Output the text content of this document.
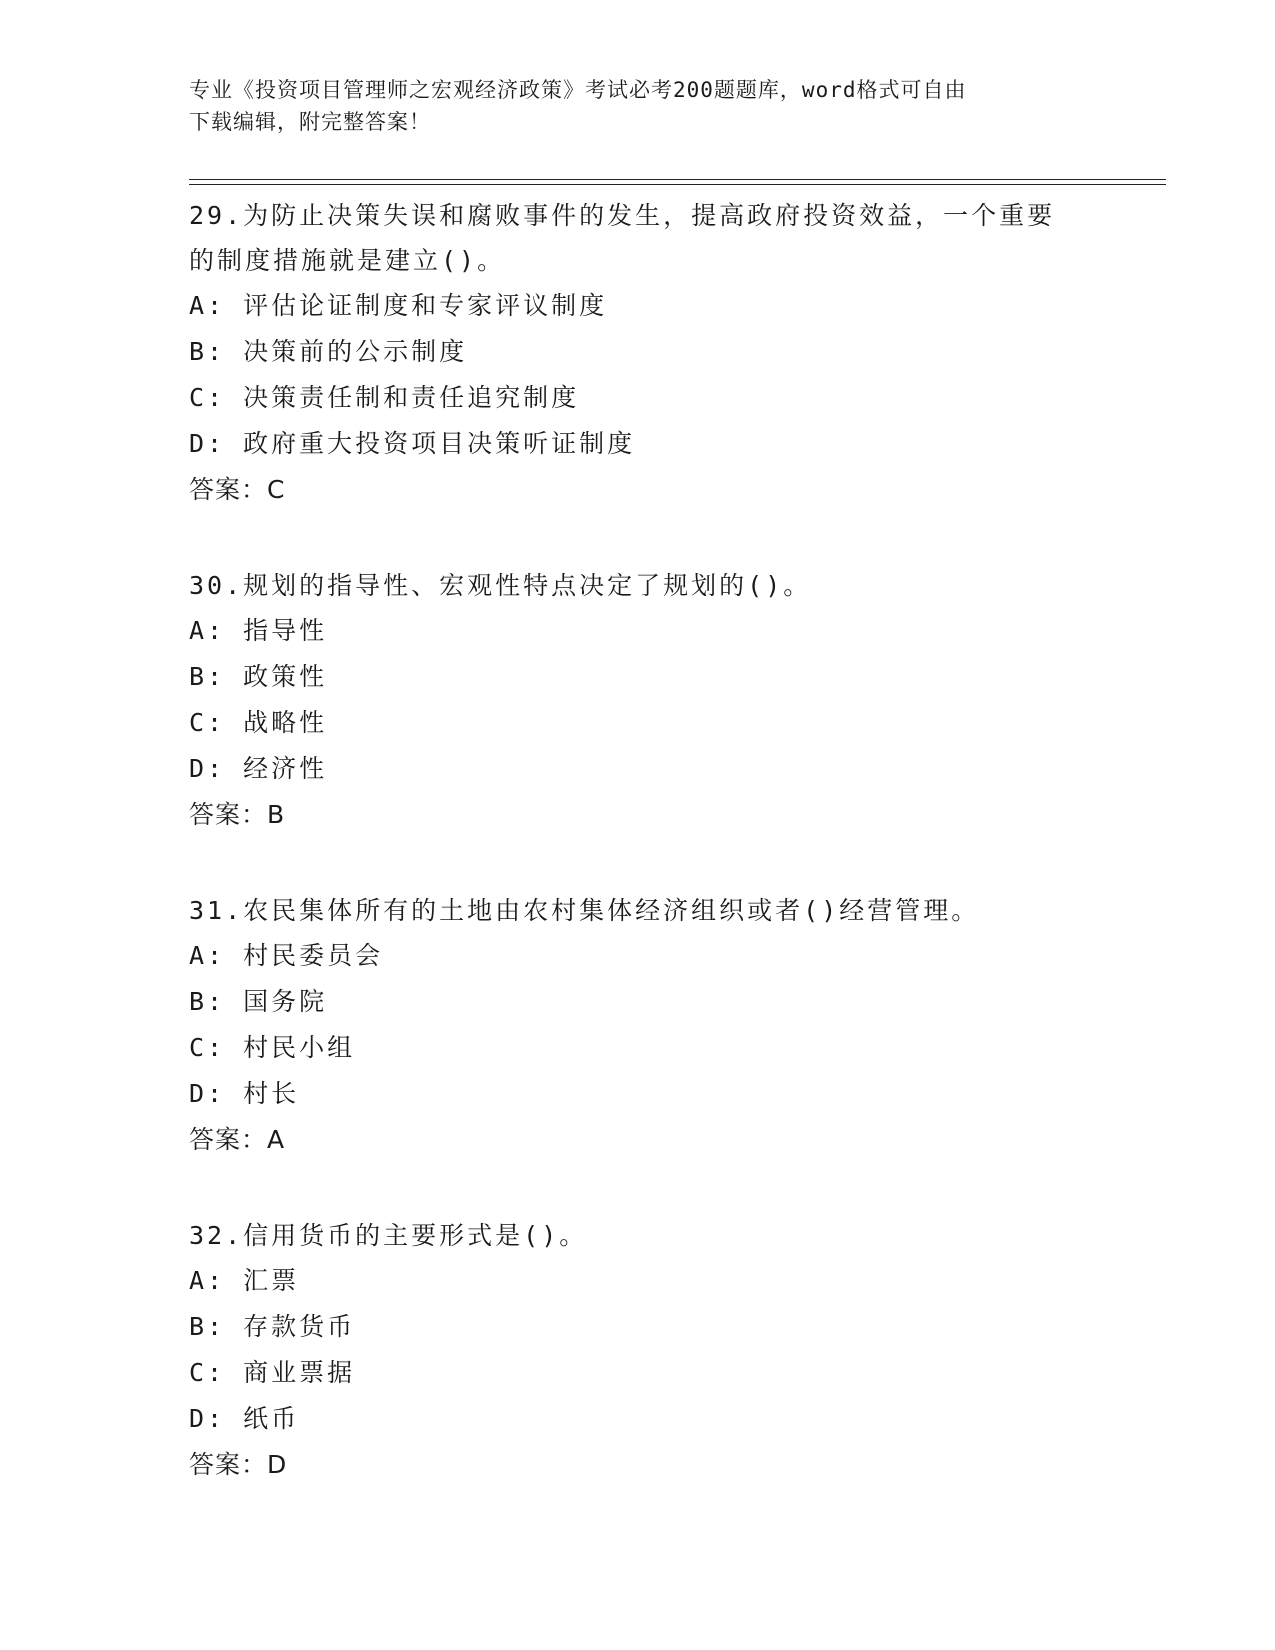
专业《投资项目管理师之宏观经济政策》考试必考200题题库，word格式可自由
下载编辑，附完整答案！

29.为防止决策失误和腐败事件的发生，提高政府投资效益，一个重要

的制度措施就是建立()。

A: 评估论证制度和专家评议制度

B: 决策前的公示制度

C: 决策责任制和责任追究制度

D: 政府重大投资项目决策听证制度

答案：C

30.规划的指导性、宏观性特点决定了规划的()。

A: 指导性

B: 政策性

C: 战略性

D: 经济性

答案：B

31.农民集体所有的土地由农村集体经济组织或者()经营管理。

A: 村民委员会

B: 国务院

C: 村民小组

D: 村长

答案：A

32.信用货币的主要形式是()。

A: 汇票

B: 存款货币

C: 商业票据

D: 纸币

答案：D
